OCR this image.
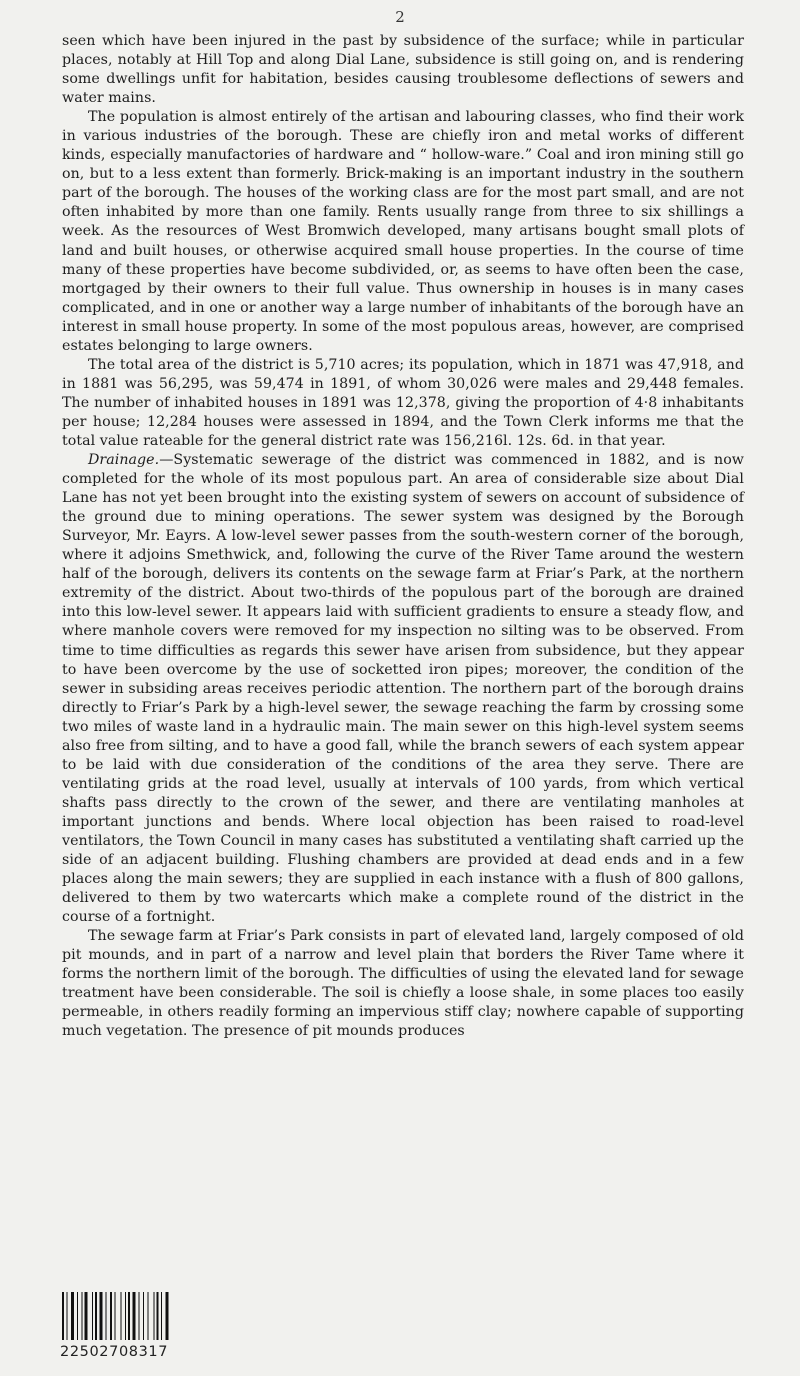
2

seen which have been injured in the past by subsidence of the surface; while in particular places, notably at Hill Top and along Dial Lane, subsidence is still going on, and is rendering some dwellings unfit for habitation, besides causing troublesome deflections of sewers and water mains.

The population is almost entirely of the artisan and labouring classes, who find their work in various industries of the borough. These are chiefly iron and metal works of different kinds, especially manufactories of hardware and “ hollow-ware.” Coal and iron mining still go on, but to a less extent than formerly. Brick-making is an important industry in the southern part of the borough. The houses of the working class are for the most part small, and are not often inhabited by more than one family. Rents usually range from three to six shillings a week. As the resources of West Bromwich developed, many artisans bought small plots of land and built houses, or otherwise acquired small house properties. In the course of time many of these properties have become subdivided, or, as seems to have often been the case, mortgaged by their owners to their full value. Thus ownership in houses is in many cases complicated, and in one or another way a large number of inhabitants of the borough have an interest in small house property. In some of the most populous areas, however, are comprised estates belonging to large owners.

The total area of the district is 5,710 acres; its population, which in 1871 was 47,918, and in 1881 was 56,295, was 59,474 in 1891, of whom 30,026 were males and 29,448 females. The number of inhabited houses in 1891 was 12,378, giving the proportion of 4·8 inhabitants per house; 12,284 houses were assessed in 1894, and the Town Clerk informs me that the total value rateable for the general district rate was 156,216l. 12s. 6d. in that year.

Drainage.—Systematic sewerage of the district was commenced in 1882, and is now completed for the whole of its most populous part. An area of considerable size about Dial Lane has not yet been brought into the existing system of sewers on account of subsidence of the ground due to mining operations. The sewer system was designed by the Borough Surveyor, Mr. Eayrs. A low-level sewer passes from the south-western corner of the borough, where it adjoins Smethwick, and, following the curve of the River Tame around the western half of the borough, delivers its contents on the sewage farm at Friar’s Park, at the northern extremity of the district. About two-thirds of the populous part of the borough are drained into this low-level sewer. It appears laid with sufficient gradients to ensure a steady flow, and where manhole covers were removed for my inspection no silting was to be observed. From time to time difficulties as regards this sewer have arisen from subsidence, but they appear to have been overcome by the use of socketted iron pipes; moreover, the condition of the sewer in subsiding areas receives periodic attention. The northern part of the borough drains directly to Friar’s Park by a high-level sewer, the sewage reaching the farm by crossing some two miles of waste land in a hydraulic main. The main sewer on this high-level system seems also free from silting, and to have a good fall, while the branch sewers of each system appear to be laid with due consideration of the conditions of the area they serve. There are ventilating grids at the road level, usually at intervals of 100 yards, from which vertical shafts pass directly to the crown of the sewer, and there are ventilating manholes at important junctions and bends. Where local objection has been raised to road-level ventilators, the Town Council in many cases has substituted a ventilating shaft carried up the side of an adjacent building. Flushing chambers are provided at dead ends and in a few places along the main sewers; they are supplied in each instance with a flush of 800 gallons, delivered to them by two watercarts which make a complete round of the district in the course of a fortnight.

The sewage farm at Friar’s Park consists in part of elevated land, largely composed of old pit mounds, and in part of a narrow and level plain that borders the River Tame where it forms the northern limit of the borough. The difficulties of using the elevated land for sewage treatment have been considerable. The soil is chiefly a loose shale, in some places too easily permeable, in others readily forming an impervious stiff clay; nowhere capable of supporting much vegetation. The presence of pit mounds produces

22502708317
